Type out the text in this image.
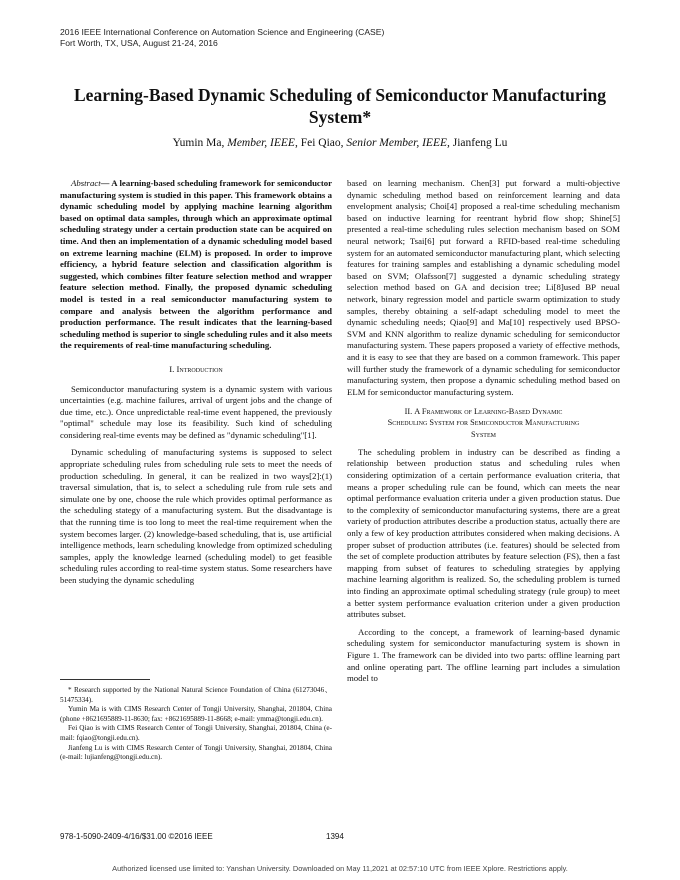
2016 IEEE International Conference on Automation Science and Engineering (CASE)
Fort Worth, TX, USA, August 21-24, 2016
Learning-Based Dynamic Scheduling of Semiconductor Manufacturing System*
Yumin Ma, Member, IEEE, Fei Qiao, Senior Member, IEEE, Jianfeng Lu

Abstract— A learning-based scheduling framework for semiconductor manufacturing system is studied in this paper. This framework obtains a dynamic scheduling model by applying machine learning algorithm based on optimal data samples, through which an approximate optimal scheduling strategy under a certain production state can be acquired on time. And then an implementation of a dynamic scheduling model based on extreme learning machine (ELM) is proposed. In order to improve efficiency, a hybrid feature selection and classification algorithm is suggested, which combines filter feature selection method and wrapper feature selection method. Finally, the proposed dynamic scheduling model is tested in a real semiconductor manufacturing system to compare and analysis between the algorithm performance and production performance. The result indicates that the learning-based scheduling method is superior to single scheduling rules and it also meets the requirements of real-time manufacturing scheduling.

I. Introduction

Semiconductor manufacturing system is a dynamic system with various uncertainties (e.g. machine failures, arrival of urgent jobs and the change of due time, etc.). Once unpredictable real-time event happened, the previously "optimal" schedule may lose its feasibility. Such kind of scheduling considering real-time events may be defined as "dynamic scheduling"[1].

Dynamic scheduling of manufacturing systems is supposed to select appropriate scheduling rules from scheduling rule sets to meet the needs of production scheduling. In general, it can be realized in two ways[2]:(1) traversal simulation, that is, to select a scheduling rule from rule sets and simulate one by one, choose the rule which provides optimal performance as the scheduling stategy of a manufacturing system. But the disadvantage is that the running time is too long to meet the real-time requirement when the system becomes larger. (2) knowledge-based scheduling, that is, use artificial intelligence methods, learn scheduling knowledge from optimized scheduling samples, apply the knowledge learned (scheduling model) to get feasible scheduling rules according to real-time system status. Some researchers have been studying the dynamic scheduling

* Research supported by the National Natural Science Foundation of China (61273046、51475334).

Yumin Ma is with CIMS Research Center of Tongji University, Shanghai, 201804, China (phone +8621695889-11-8630; fax: +8621695889-11-8668; e-mail: ymma@tongji.edu.cn).

Fei Qiao is with CIMS Research Center of Tongji University, Shanghai, 201804, China (e-mail: fqiao@tongji.edu.cn).

Jianfeng Lu is with CIMS Research Center of Tongji University, Shanghai, 201804, China (e-mail: lujianfeng@tongji.edu.cn).

based on learning mechanism. Chen[3] put forward a multi-objective dynamic scheduling method based on reinforcement learning and data envelopment analysis; Choi[4] proposed a real-time scheduling mechanism based on inductive learning for reentrant hybrid flow shop; Shine[5] presented a real-time scheduling rules selection mechanism based on SOM neural network; Tsai[6] put forward a RFID-based real-time scheduling system for an automated semiconductor manufacturing plant, which selecting features for training samples and establishing a dynamic scheduling model based on SVM; Olafsson[7] suggested a dynamic scheduling strategy selection method based on GA and decision tree; Li[8]used BP neual network, binary regression model and particle swarm optimization to study samples, thereby obtaining a self-adapt scheduling model to meet the dynamic scheduling needs; Qiao[9] and Ma[10] respectively used BPSO-SVM and KNN algorithm to realize dynamic scheduling for semiconductor manufacturing system. These papers proposed a variety of effective methods, and it is easy to see that they are based on a common framework. This paper will further study the framework of a dynamic scheduling for semiconductor manufacturing system, then propose a dynamic scheduling method based on ELM for semiconductor manufacturing system.

II. A Framework of Learning-Based Dynamic
Scheduling System for Semiconductor Manufacturing
System

The scheduling problem in industry can be described as finding a relationship between production status and scheduling rules when considering optimization of a certain performance evaluation criteria, that means a proper scheduling rule can be found, which can meets the near optimal performance evaluation criteria under a given production status. Due to the complexity of semiconductor manufacturing systems, there are a great variety of production attributes describe a production status, actually there are only a few of key production attributes considered when making decisions. A proper subset of production attributes (i.e. features) should be selected from the set of complete production attributes by feature selection (FS), then a fast mapping from subset of features to scheduling strategies by applying machine learning algorithm is realized. So, the scheduling problem is turned into finding an approximate optimal scheduling strategy (rule group) to meet a better system performance evaluation criterion under a given production attributes subset.

According to the concept, a framework of learning-based dynamic scheduling system for semiconductor manufacturing system is shown in Figure 1. The framework can be divided into two parts: offline learning part and online operating part. The offline learning part includes a simulation model to

978-1-5090-2409-4/16/$31.00 ©2016 IEEE	1394
Authorized licensed use limited to: Yanshan University. Downloaded on May 11,2021 at 02:57:10 UTC from IEEE Xplore. Restrictions apply.
